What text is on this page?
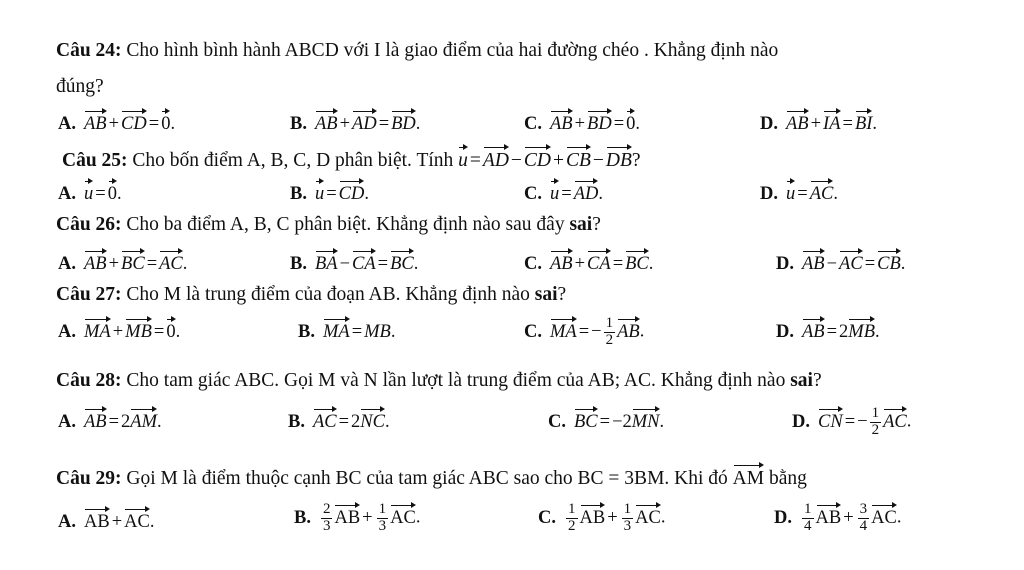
Câu 24: Cho hình bình hành ABCD với I là giao điểm của hai đường chéo . Khẳng định nào
đúng?
A. AB + CD = 0.	B. AB + AD = BD.	C. AB + BD = 0.	D. AB + IA = BI.
Câu 25: Cho bốn điểm A, B, C, D phân biệt. Tính u = AD − CD + CB − DB?
A. u = 0.	B. u = CD.	C. u = AD.	D. u = AC.
Câu 26: Cho ba điểm A, B, C phân biệt. Khẳng định nào sau đây sai?
A. AB + BC = AC.	B. BA − CA = BC.	C. AB + CA = BC.	D. AB − AC = CB.
Câu 27: Cho M là trung điểm của đoạn AB. Khẳng định nào sai?
A. MA + MB = 0.	B. MA = MB.	C. MA = − $\frac{1}{2}$ AB.	D. AB = 2MB.
Câu 28: Cho tam giác ABC. Gọi M và N lần lượt là trung điểm của AB; AC. Khẳng định nào sai?
A. AB = 2AM.	B. AC = 2NC.	C. BC = −2MN.	D. CN = − $\frac{1}{2}$ AC.
Câu 29: Gọi M là điểm thuộc cạnh BC của tam giác ABC sao cho BC = 3BM. Khi đó AM bằng
A. AB + AC.	B. $\frac{2}{3}$ AB + $\frac{1}{3}$ AC.	C. $\frac{1}{2}$ AB + $\frac{1}{3}$ AC.	D. $\frac{1}{4}$ AB + $\frac{3}{4}$ AC.
